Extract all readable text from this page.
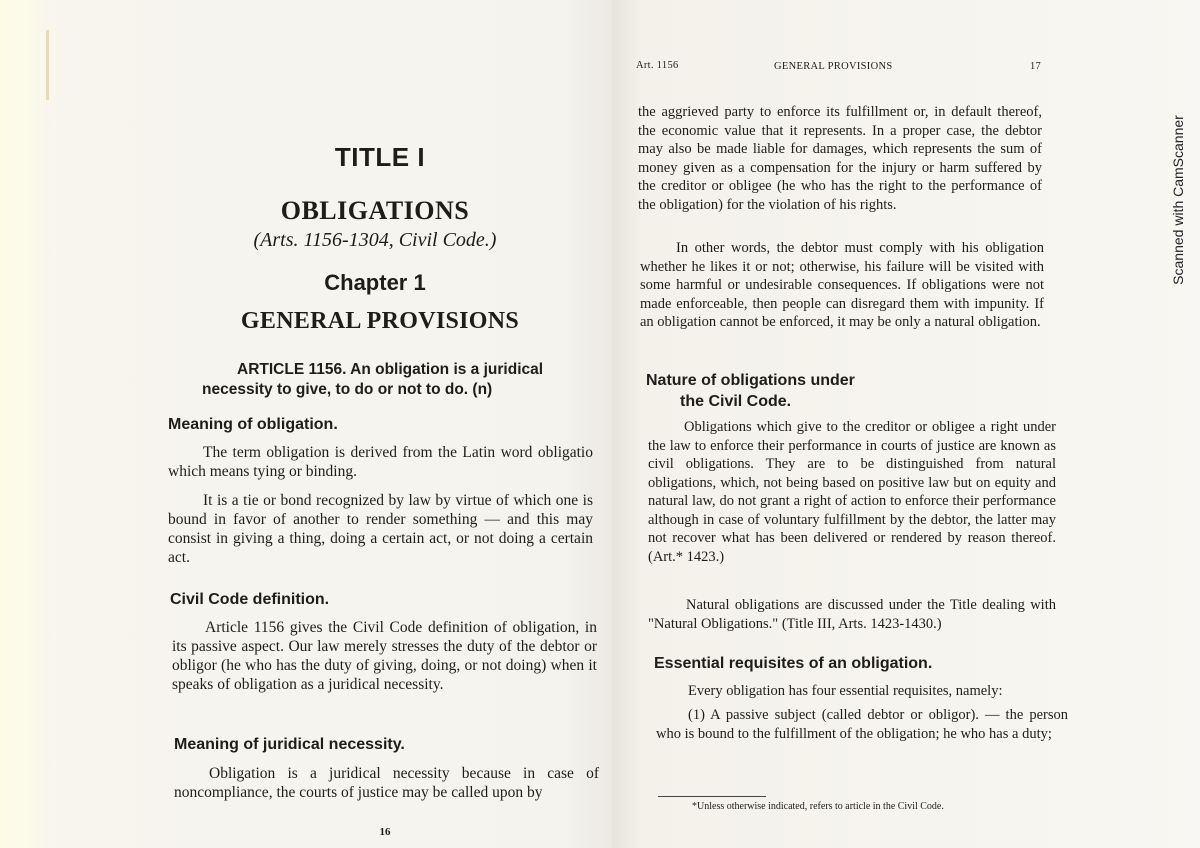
TITLE I
OBLIGATIONS
(Arts. 1156-1304, Civil Code.)
Chapter 1
GENERAL PROVISIONS
ARTICLE 1156. An obligation is a juridical necessity to give, to do or not to do. (n)
Meaning of obligation.
The term obligation is derived from the Latin word obligatio which means tying or binding.
It is a tie or bond recognized by law by virtue of which one is bound in favor of another to render something — and this may consist in giving a thing, doing a certain act, or not doing a certain act.
Civil Code definition.
Article 1156 gives the Civil Code definition of obligation, in its passive aspect. Our law merely stresses the duty of the debtor or obligor (he who has the duty of giving, doing, or not doing) when it speaks of obligation as a juridical necessity.
Meaning of juridical necessity.
Obligation is a juridical necessity because in case of noncompliance, the courts of justice may be called upon by
16
Art. 1156	GENERAL PROVISIONS	17
the aggrieved party to enforce its fulfillment or, in default thereof, the economic value that it represents. In a proper case, the debtor may also be made liable for damages, which represents the sum of money given as a compensation for the injury or harm suffered by the creditor or obligee (he who has the right to the performance of the obligation) for the violation of his rights.
In other words, the debtor must comply with his obligation whether he likes it or not; otherwise, his failure will be visited with some harmful or undesirable consequences. If obligations were not made enforceable, then people can disregard them with impunity. If an obligation cannot be enforced, it may be only a natural obligation.
Nature of obligations under
the Civil Code.
Obligations which give to the creditor or obligee a right under the law to enforce their performance in courts of justice are known as civil obligations. They are to be distinguished from natural obligations, which, not being based on positive law but on equity and natural law, do not grant a right of action to enforce their performance although in case of voluntary fulfillment by the debtor, the latter may not recover what has been delivered or rendered by reason thereof. (Art.* 1423.)
Natural obligations are discussed under the Title dealing with "Natural Obligations." (Title III, Arts. 1423-1430.)
Essential requisites of an obligation.
Every obligation has four essential requisites, namely:
(1) A passive subject (called debtor or obligor). — the person who is bound to the fulfillment of the obligation; he who has a duty;
*Unless otherwise indicated, refers to article in the Civil Code.
Scanned with CamScanner
